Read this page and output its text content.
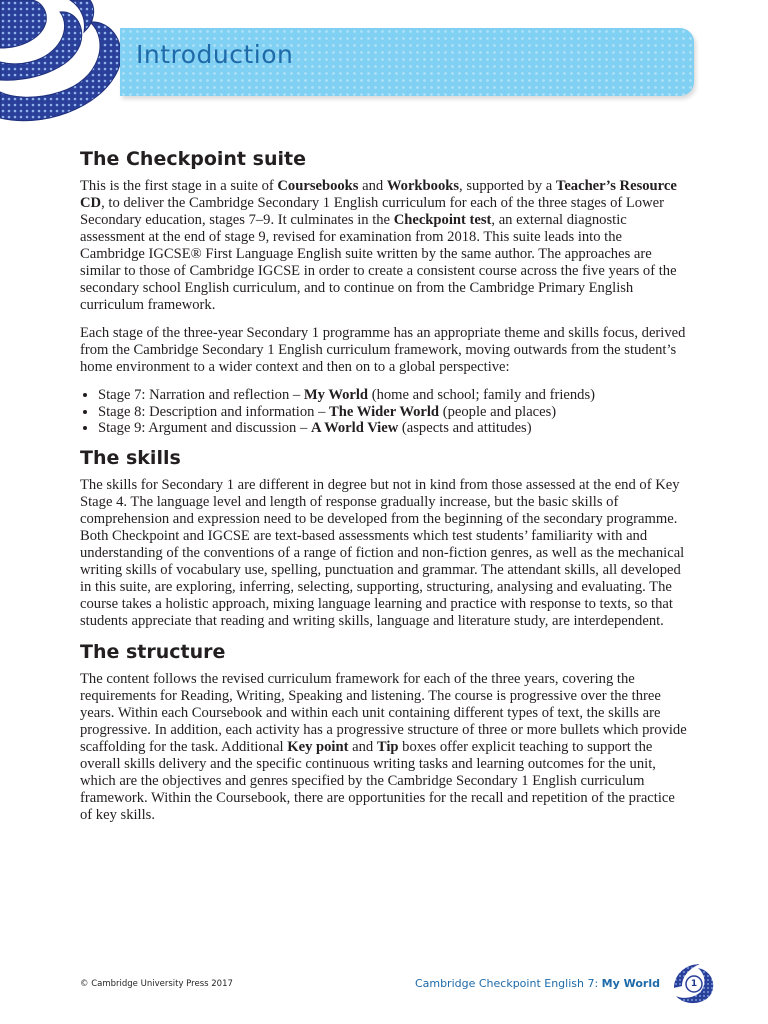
Introduction
The Checkpoint suite

This is the first stage in a suite of Coursebooks and Workbooks, supported by a Teacher’s Resource CD, to deliver the Cambridge Secondary 1 English curriculum for each of the three stages of Lower Secondary education, stages 7–9. It culminates in the Checkpoint test, an external diagnostic assessment at the end of stage 9, revised for examination from 2018. This suite leads into the Cambridge IGCSE® First Language English suite written by the same author. The approaches are similar to those of Cambridge IGCSE in order to create a consistent course across the five years of the secondary school English curriculum, and to continue on from the Cambridge Primary English curriculum framework.

Each stage of the three-year Secondary 1 programme has an appropriate theme and skills focus, derived from the Cambridge Secondary 1 English curriculum framework, moving outwards from the student’s home environment to a wider context and then on to a global perspective:

• Stage 7: Narration and reflection – My World (home and school; family and friends)
• Stage 8: Description and information – The Wider World (people and places)
• Stage 9: Argument and discussion – A World View (aspects and attitudes)
The skills

The skills for Secondary 1 are different in degree but not in kind from those assessed at the end of Key Stage 4. The language level and length of response gradually increase, but the basic skills of comprehension and expression need to be developed from the beginning of the secondary programme. Both Checkpoint and IGCSE are text-based assessments which test students’ familiarity with and understanding of the conventions of a range of fiction and non-fiction genres, as well as the mechanical writing skills of vocabulary use, spelling, punctuation and grammar. The attendant skills, all developed in this suite, are exploring, inferring, selecting, supporting, structuring, analysing and evaluating. The course takes a holistic approach, mixing language learning and practice with response to texts, so that students appreciate that reading and writing skills, language and literature study, are interdependent.

The structure

The content follows the revised curriculum framework for each of the three years, covering the requirements for Reading, Writing, Speaking and listening. The course is progressive over the three years. Within each Coursebook and within each unit containing different types of text, the skills are progressive. In addition, each activity has a progressive structure of three or more bullets which provide scaffolding for the task. Additional Key point and Tip boxes offer explicit teaching to support the overall skills delivery and the specific continuous writing tasks and learning outcomes for the unit, which are the objectives and genres specified by the Cambridge Secondary 1 English curriculum framework. Within the Coursebook, there are opportunities for the recall and repetition of the practice of key skills.

© Cambridge University Press 2017	Cambridge Checkpoint English 7: My World	1
